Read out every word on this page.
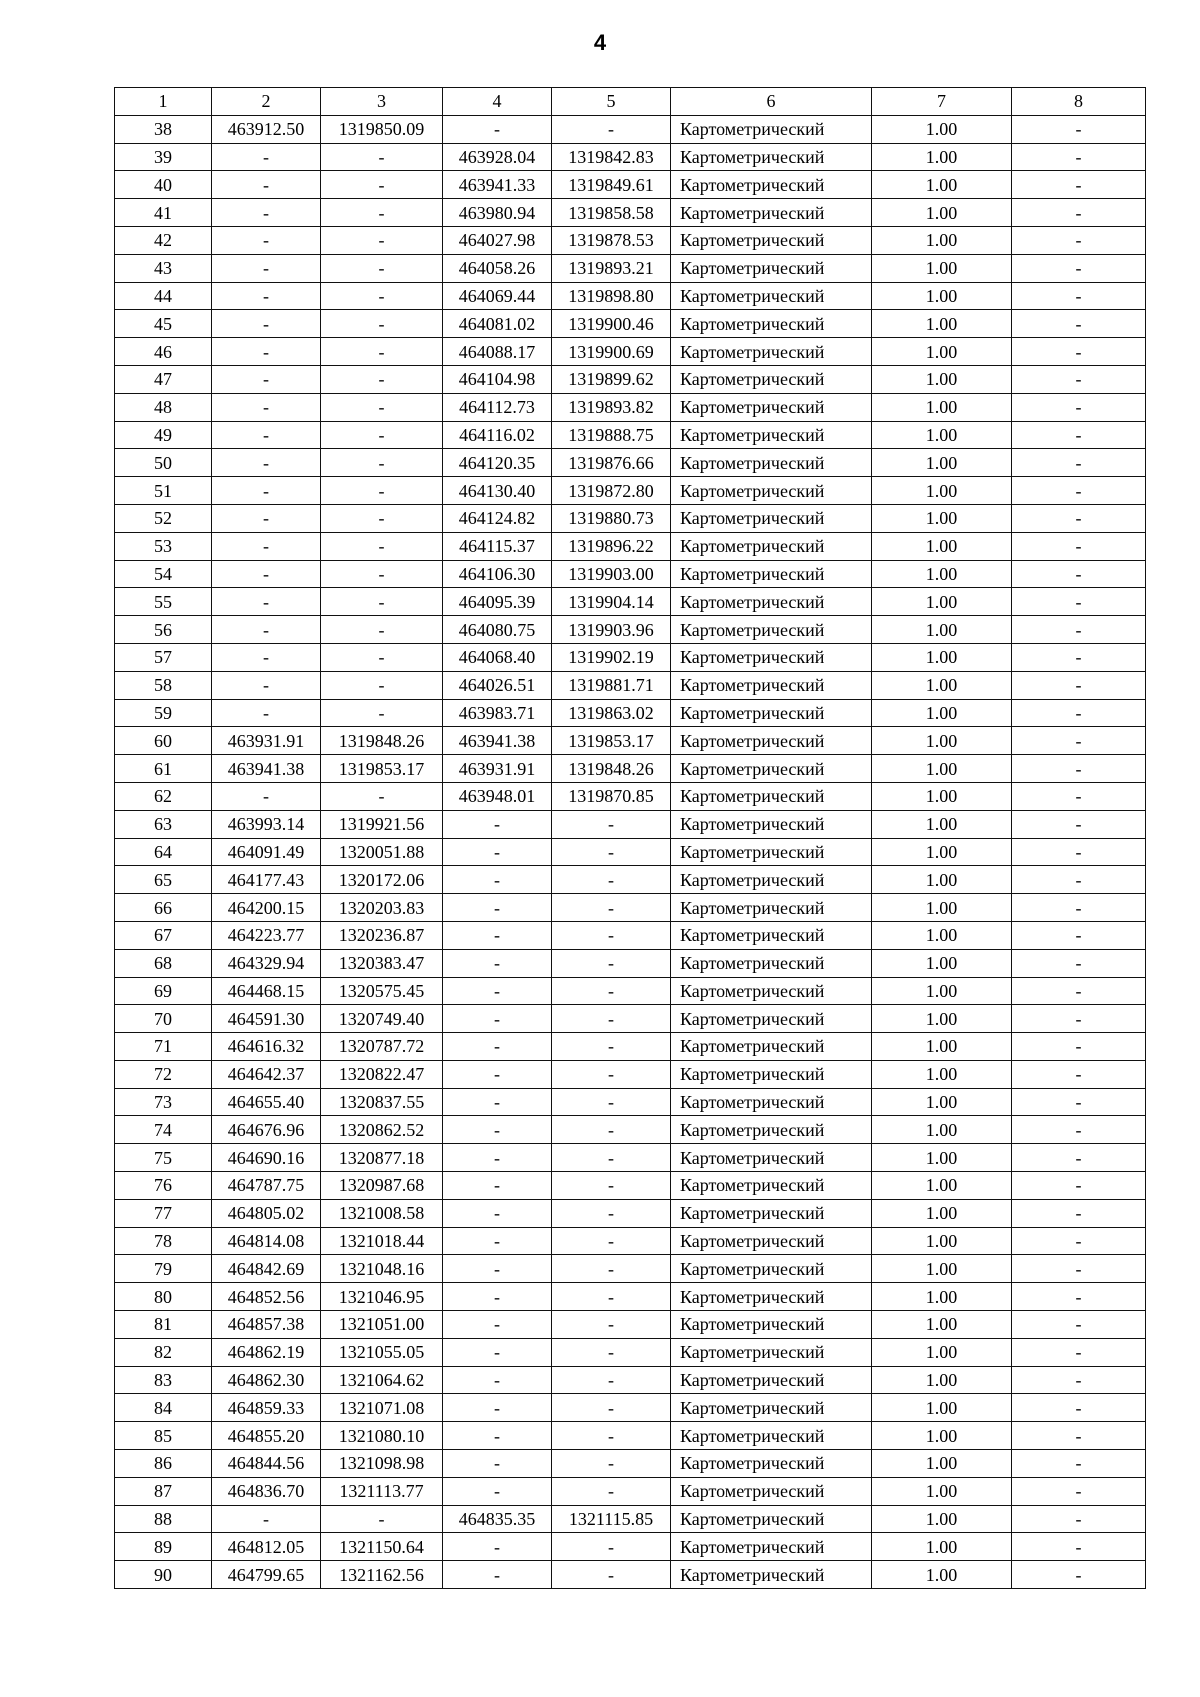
4
1	2	3	4	5	6	7	8
38	463912.50	1319850.09	-	-	Картометрический	1.00	-
39	-	-	463928.04	1319842.83	Картометрический	1.00	-
40	-	-	463941.33	1319849.61	Картометрический	1.00	-
41	-	-	463980.94	1319858.58	Картометрический	1.00	-
42	-	-	464027.98	1319878.53	Картометрический	1.00	-
43	-	-	464058.26	1319893.21	Картометрический	1.00	-
44	-	-	464069.44	1319898.80	Картометрический	1.00	-
45	-	-	464081.02	1319900.46	Картометрический	1.00	-
46	-	-	464088.17	1319900.69	Картометрический	1.00	-
47	-	-	464104.98	1319899.62	Картометрический	1.00	-
48	-	-	464112.73	1319893.82	Картометрический	1.00	-
49	-	-	464116.02	1319888.75	Картометрический	1.00	-
50	-	-	464120.35	1319876.66	Картометрический	1.00	-
51	-	-	464130.40	1319872.80	Картометрический	1.00	-
52	-	-	464124.82	1319880.73	Картометрический	1.00	-
53	-	-	464115.37	1319896.22	Картометрический	1.00	-
54	-	-	464106.30	1319903.00	Картометрический	1.00	-
55	-	-	464095.39	1319904.14	Картометрический	1.00	-
56	-	-	464080.75	1319903.96	Картометрический	1.00	-
57	-	-	464068.40	1319902.19	Картометрический	1.00	-
58	-	-	464026.51	1319881.71	Картометрический	1.00	-
59	-	-	463983.71	1319863.02	Картометрический	1.00	-
60	463931.91	1319848.26	463941.38	1319853.17	Картометрический	1.00	-
61	463941.38	1319853.17	463931.91	1319848.26	Картометрический	1.00	-
62	-	-	463948.01	1319870.85	Картометрический	1.00	-
63	463993.14	1319921.56	-	-	Картометрический	1.00	-
64	464091.49	1320051.88	-	-	Картометрический	1.00	-
65	464177.43	1320172.06	-	-	Картометрический	1.00	-
66	464200.15	1320203.83	-	-	Картометрический	1.00	-
67	464223.77	1320236.87	-	-	Картометрический	1.00	-
68	464329.94	1320383.47	-	-	Картометрический	1.00	-
69	464468.15	1320575.45	-	-	Картометрический	1.00	-
70	464591.30	1320749.40	-	-	Картометрический	1.00	-
71	464616.32	1320787.72	-	-	Картометрический	1.00	-
72	464642.37	1320822.47	-	-	Картометрический	1.00	-
73	464655.40	1320837.55	-	-	Картометрический	1.00	-
74	464676.96	1320862.52	-	-	Картометрический	1.00	-
75	464690.16	1320877.18	-	-	Картометрический	1.00	-
76	464787.75	1320987.68	-	-	Картометрический	1.00	-
77	464805.02	1321008.58	-	-	Картометрический	1.00	-
78	464814.08	1321018.44	-	-	Картометрический	1.00	-
79	464842.69	1321048.16	-	-	Картометрический	1.00	-
80	464852.56	1321046.95	-	-	Картометрический	1.00	-
81	464857.38	1321051.00	-	-	Картометрический	1.00	-
82	464862.19	1321055.05	-	-	Картометрический	1.00	-
83	464862.30	1321064.62	-	-	Картометрический	1.00	-
84	464859.33	1321071.08	-	-	Картометрический	1.00	-
85	464855.20	1321080.10	-	-	Картометрический	1.00	-
86	464844.56	1321098.98	-	-	Картометрический	1.00	-
87	464836.70	1321113.77	-	-	Картометрический	1.00	-
88	-	-	464835.35	1321115.85	Картометрический	1.00	-
89	464812.05	1321150.64	-	-	Картометрический	1.00	-
90	464799.65	1321162.56	-	-	Картометрический	1.00	-
